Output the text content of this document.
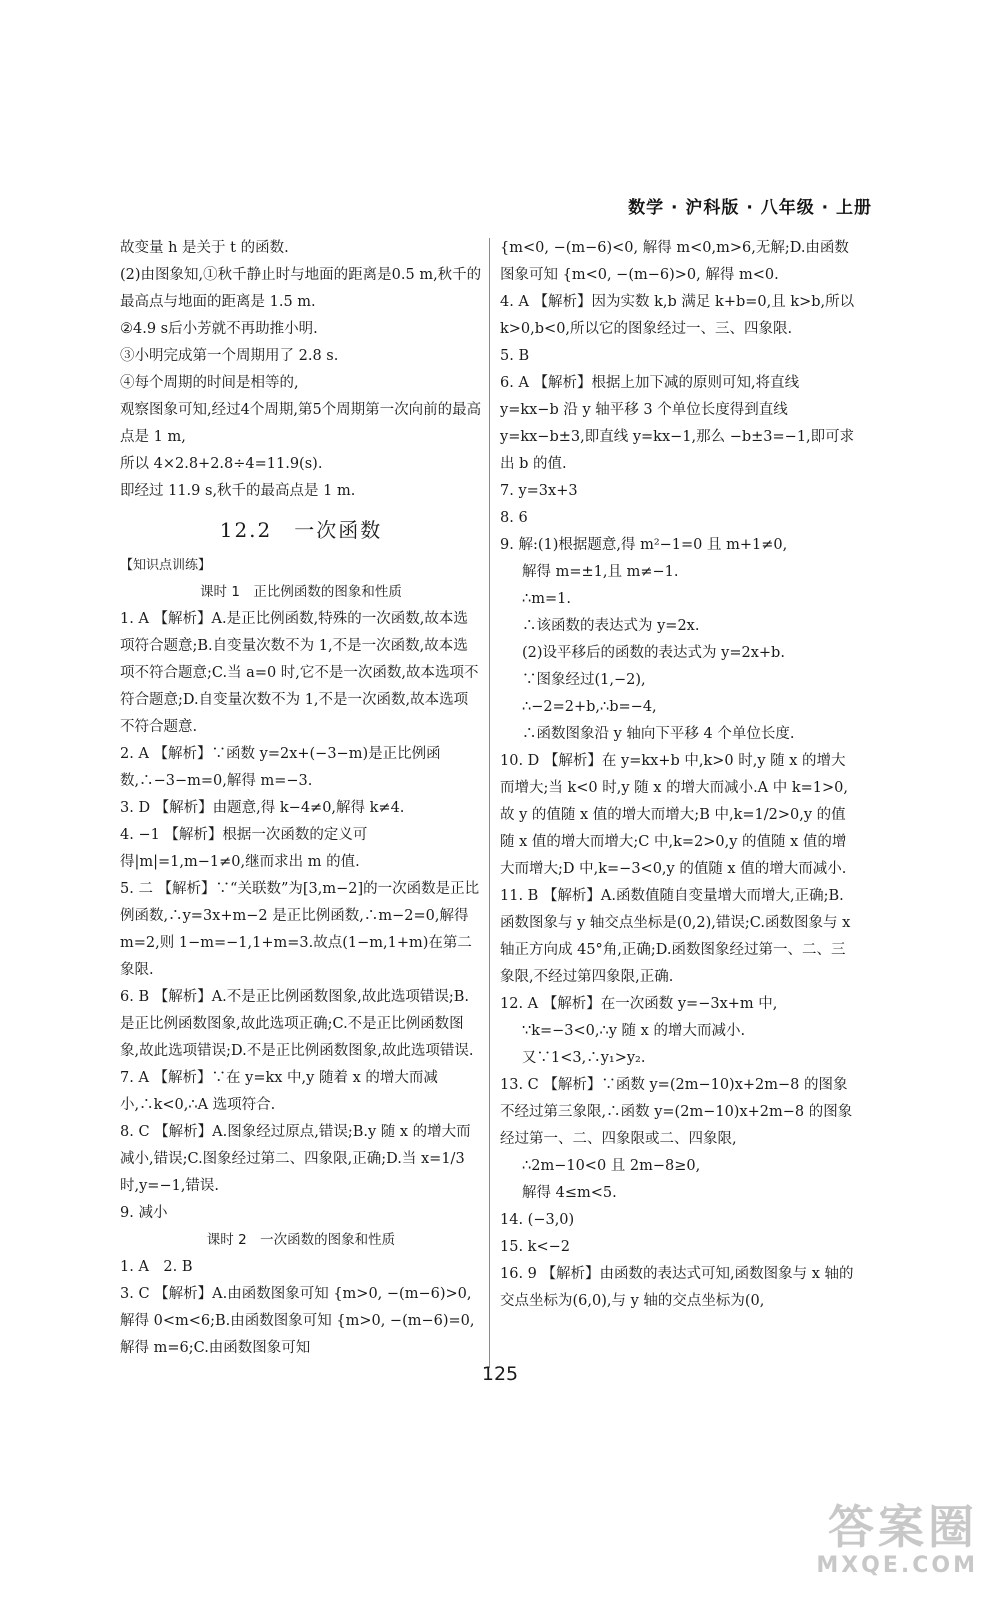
数学 · 沪科版 · 八年级 · 上册

故变量 h 是关于 t 的函数.

(2)由图象知,①秋千静止时与地面的距离是0.5 m,秋千的最高点与地面的距离是 1.5 m.

②4.9 s后小芳就不再助推小明.

③小明完成第一个周期用了 2.8 s.

④每个周期的时间是相等的,

观察图象可知,经过4个周期,第5个周期第一次向前的最高点是 1 m,

所以 4×2.8+2.8÷4=11.9(s).

即经过 11.9 s,秋千的最高点是 1 m.

12.2　一次函数

【知识点训练】

课时 1　正比例函数的图象和性质

1. A 【解析】A.是正比例函数,特殊的一次函数,故本选项符合题意;B.自变量次数不为 1,不是一次函数,故本选项不符合题意;C.当 a=0 时,它不是一次函数,故本选项不符合题意;D.自变量次数不为 1,不是一次函数,故本选项不符合题意.

2. A 【解析】∵函数 y=2x+(−3−m)是正比例函数,∴−3−m=0,解得 m=−3.

3. D 【解析】由题意,得 k−4≠0,解得 k≠4.

4. −1 【解析】根据一次函数的定义可得|m|=1,m−1≠0,继而求出 m 的值.

5. 二 【解析】∵“关联数”为[3,m−2]的一次函数是正比例函数,∴y=3x+m−2 是正比例函数,∴m−2=0,解得 m=2,则 1−m=−1,1+m=3.故点(1−m,1+m)在第二象限.

6. B 【解析】A.不是正比例函数图象,故此选项错误;B.是正比例函数图象,故此选项正确;C.不是正比例函数图象,故此选项错误;D.不是正比例函数图象,故此选项错误.

7. A 【解析】∵在 y=kx 中,y 随着 x 的增大而减小,∴k<0,∴A 选项符合.

8. C 【解析】A.图象经过原点,错误;B.y 随 x 的增大而减小,错误;C.图象经过第二、四象限,正确;D.当 x=1/3 时,y=−1,错误.

9. 减小

课时 2　一次函数的图象和性质

1. A　2. B

3. C 【解析】A.由函数图象可知 {m>0, −(m−6)>0, 解得 0<m<6;B.由函数图象可知 {m>0, −(m−6)=0, 解得 m=6;C.由函数图象可知

{m<0, −(m−6)<0, 解得 m<0,m>6,无解;D.由函数图象可知 {m<0, −(m−6)>0, 解得 m<0.

4. A 【解析】因为实数 k,b 满足 k+b=0,且 k>b,所以 k>0,b<0,所以它的图象经过一、三、四象限.

5. B

6. A 【解析】根据上加下减的原则可知,将直线 y=kx−b 沿 y 轴平移 3 个单位长度得到直线 y=kx−b±3,即直线 y=kx−1,那么 −b±3=−1,即可求出 b 的值.

7. y=3x+3

8. 6

9. 解:(1)根据题意,得 m²−1=0 且 m+1≠0,

解得 m=±1,且 m≠−1.

∴m=1.

∴该函数的表达式为 y=2x.

(2)设平移后的函数的表达式为 y=2x+b.

∵图象经过(1,−2),

∴−2=2+b,∴b=−4,

∴函数图象沿 y 轴向下平移 4 个单位长度.

10. D 【解析】在 y=kx+b 中,k>0 时,y 随 x 的增大而增大;当 k<0 时,y 随 x 的增大而减小.A 中 k=1>0,故 y 的值随 x 值的增大而增大;B 中,k=1/2>0,y 的值随 x 值的增大而增大;C 中,k=2>0,y 的值随 x 值的增大而增大;D 中,k=−3<0,y 的值随 x 值的增大而减小.

11. B 【解析】A.函数值随自变量增大而增大,正确;B.函数图象与 y 轴交点坐标是(0,2),错误;C.函数图象与 x 轴正方向成 45°角,正确;D.函数图象经过第一、二、三象限,不经过第四象限,正确.

12. A 【解析】在一次函数 y=−3x+m 中,

∵k=−3<0,∴y 随 x 的增大而减小.

又∵1<3,∴y₁>y₂.

13. C 【解析】∵函数 y=(2m−10)x+2m−8 的图象不经过第三象限,∴函数 y=(2m−10)x+2m−8 的图象经过第一、二、四象限或二、四象限,

∴2m−10<0 且 2m−8≥0,

解得 4≤m<5.

14. (−3,0)

15. k<−2

16. 9 【解析】由函数的表达式可知,函数图象与 x 轴的交点坐标为(6,0),与 y 轴的交点坐标为(0,

125
答案圈
MXQE.COM
